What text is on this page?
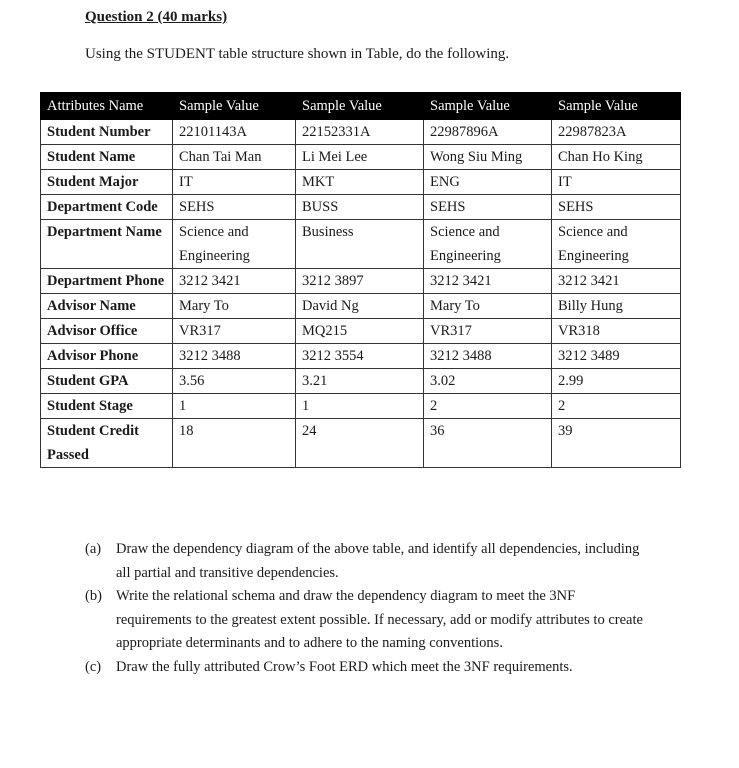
Question 2 (40 marks)

Using the STUDENT table structure shown in Table, do the following.

Attributes Name	Sample Value	Sample Value	Sample Value	Sample Value
Student Number	22101143A	22152331A	22987896A	22987823A
Student Name	Chan Tai Man	Li Mei Lee	Wong Siu Ming	Chan Ho King
Student Major	IT	MKT	ENG	IT
Department Code	SEHS	BUSS	SEHS	SEHS
Department Name	Science and Engineering	Business	Science and Engineering	Science and Engineering
Department Phone	3212 3421	3212 3897	3212 3421	3212 3421
Advisor Name	Mary To	David Ng	Mary To	Billy Hung
Advisor Office	VR317	MQ215	VR317	VR318
Advisor Phone	3212 3488	3212 3554	3212 3488	3212 3489
Student GPA	3.56	3.21	3.02	2.99
Student Stage	1	1	2	2
Student Credit Passed	18	24	36	39
(a) Draw the dependency diagram of the above table, and identify all dependencies, including all partial and transitive dependencies.
(b) Write the relational schema and draw the dependency diagram to meet the 3NF requirements to the greatest extent possible. If necessary, add or modify attributes to create appropriate determinants and to adhere to the naming conventions.
(c) Draw the fully attributed Crow’s Foot ERD which meet the 3NF requirements.
